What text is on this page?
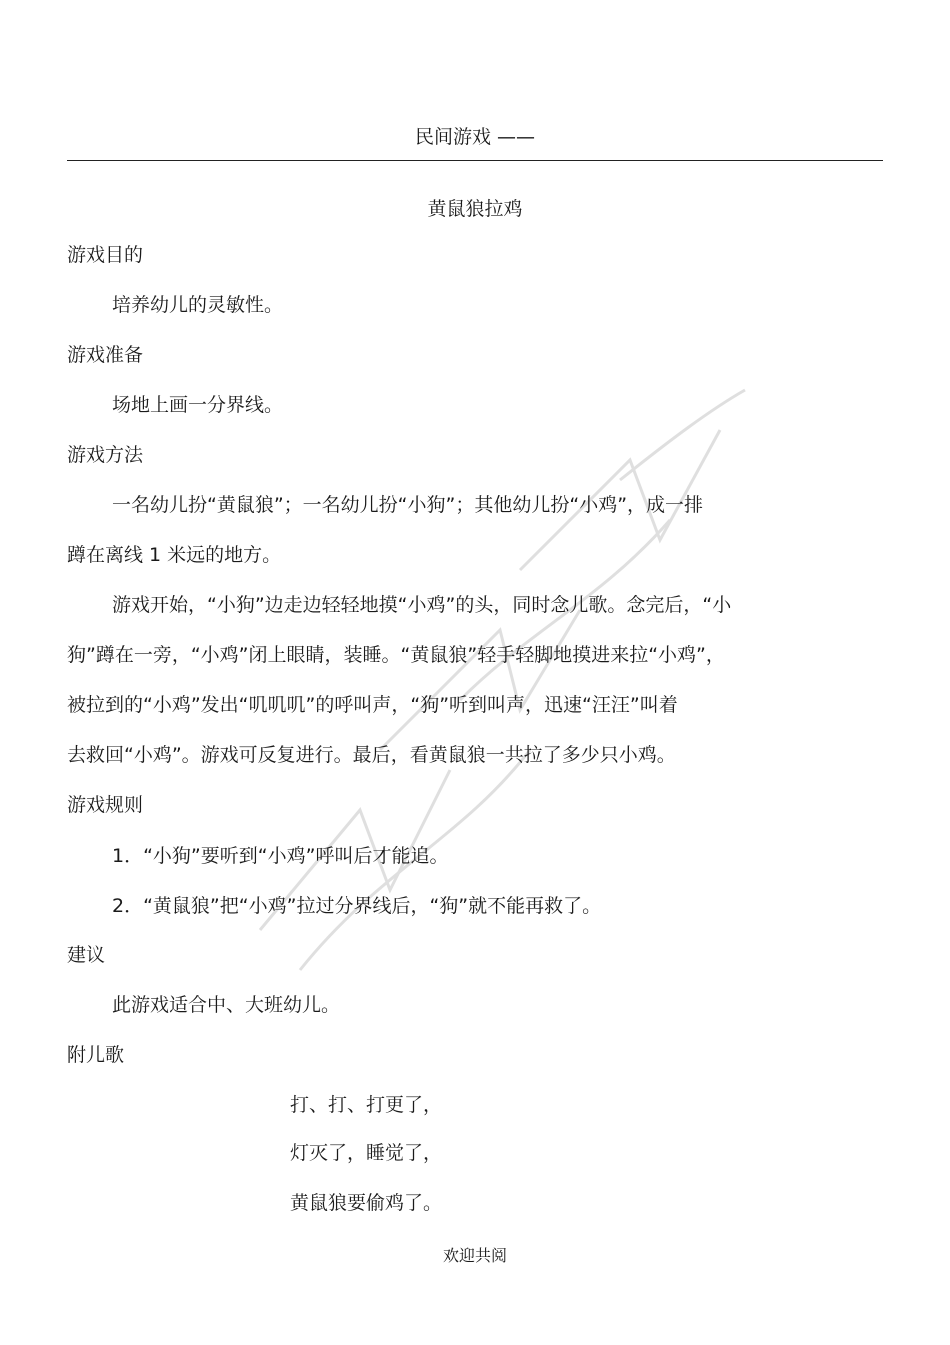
民间游戏 ——
黄鼠狼拉鸡
游戏目的
培养幼儿的灵敏性。
游戏准备
场地上画一分界线。
游戏方法
一名幼儿扮“黄鼠狼”；一名幼儿扮“小狗”；其他幼儿扮“小鸡”，成一排
蹲在离线 1 米远的地方。
游戏开始，“小狗”边走边轻轻地摸“小鸡”的头，同时念儿歌。念完后，“小
狗”蹲在一旁，“小鸡”闭上眼睛，装睡。“黄鼠狼”轻手轻脚地摸进来拉“小鸡”，
被拉到的“小鸡”发出“叽叽叽”的呼叫声，“狗”听到叫声，迅速“汪汪”叫着
去救回“小鸡”。游戏可反复进行。最后，看黄鼠狼一共拉了多少只小鸡。
游戏规则
1．“小狗”要听到“小鸡”呼叫后才能追。
2．“黄鼠狼”把“小鸡”拉过分界线后，“狗”就不能再救了。
建议
此游戏适合中、大班幼儿。
附儿歌
打、打、打更了，
灯灭了，睡觉了，
黄鼠狼要偷鸡了。
欢迎共阅
